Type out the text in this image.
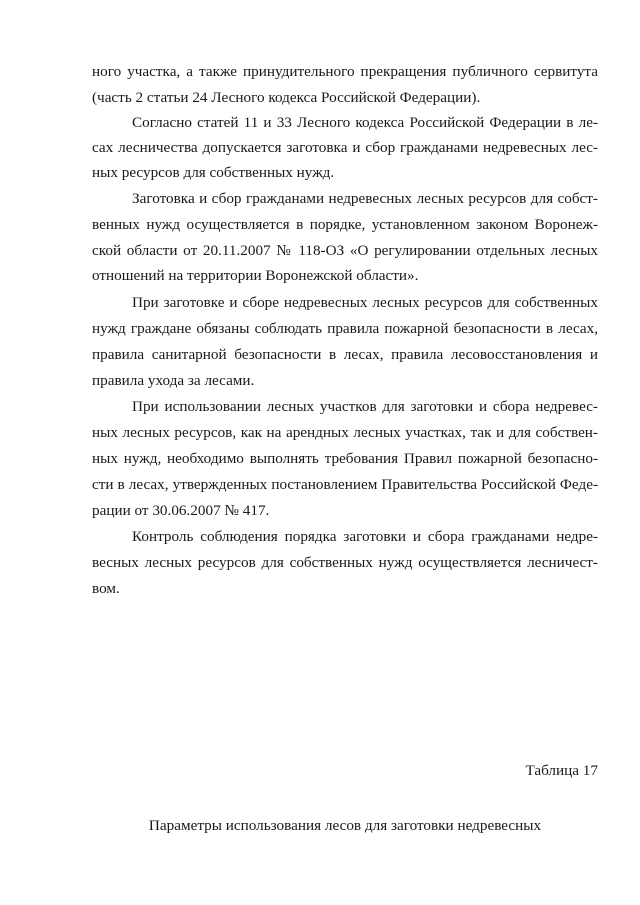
ного участка, а также принудительного прекращения публичного сервитута
(часть 2 статьи 24 Лесного кодекса Российской Федерации).
Согласно статей 11 и 33 Лесного кодекса Российской Федерации в ле-
сах лесничества допускается заготовка и сбор гражданами недревесных лес-
ных ресурсов для собственных нужд.
Заготовка и сбор гражданами недревесных лесных ресурсов для собст-
венных нужд осуществляется в порядке, установленном законом Воронеж-
ской области от 20.11.2007 № 118-ОЗ «О регулировании отдельных лесных
отношений на территории Воронежской области».
При заготовке и сборе недревесных лесных ресурсов для собственных
нужд граждане обязаны соблюдать правила пожарной безопасности в лесах,
правила санитарной безопасности в лесах, правила лесовосстановления и
правила ухода за лесами.
При использовании лесных участков для заготовки и сбора недревес-
ных лесных ресурсов, как на арендных лесных участках, так и для собствен-
ных нужд, необходимо выполнять требования Правил пожарной безопасно-
сти в лесах, утвержденных постановлением Правительства Российской Феде-
рации от 30.06.2007 № 417.
Контроль соблюдения порядка заготовки и сбора гражданами недре-
весных лесных ресурсов для собственных нужд осуществляется лесничест-
вом.
Таблица 17
Параметры использования лесов для заготовки недревесных
